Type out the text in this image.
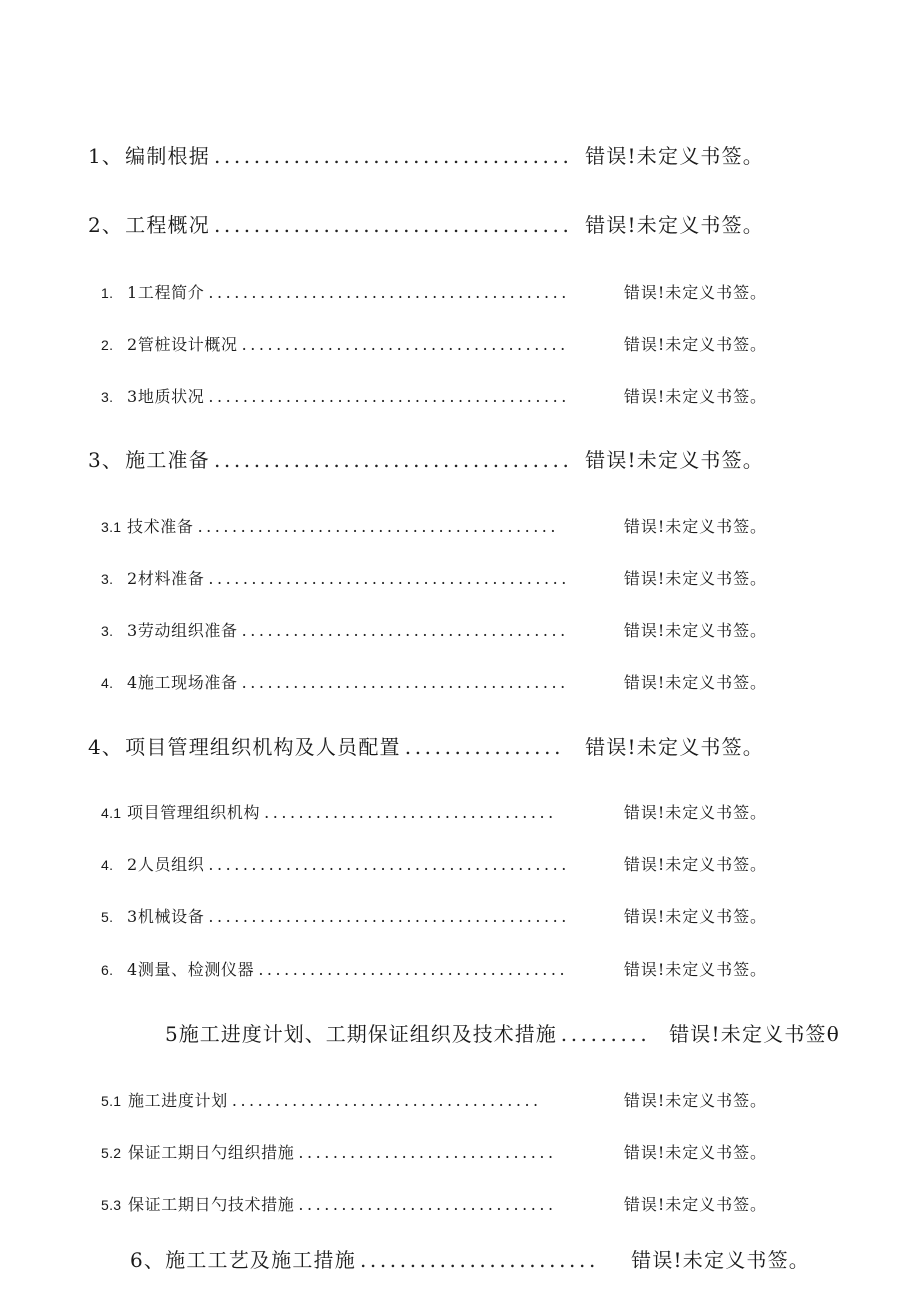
1、 编制根据 .................................... 错误!未定义书签。
2、 工程概况 .................................... 错误!未定义书签。
1. 1工程简介 ..........................................	错误!未定义书签。
2. 2管桩设计概况 ......................................	错误!未定义书签。
3. 3地质状况 ..........................................	错误!未定义书签。
3、 施工准备 .................................... 错误!未定义书签。
3.1 技术准备 ..........................................	错误!未定义书签。
3. 2材料准备 ..........................................	错误!未定义书签。
3. 3劳动组织准备 ......................................	错误!未定义书签。
4. 4施工现场准备 ......................................	错误!未定义书签。
4、 项目管理组织机构及人员配置 ................	错误!未定义书签。
4.1 项目管理组织机构 ..................................	错误!未定义书签。
4. 2人员组织 ..........................................	错误!未定义书签。
5. 3机械设备 ..........................................	错误!未定义书签。
6. 4测量、检测仪器 ....................................	错误!未定义书签。
5 施工进度计划、工期保证组织及技术措施 ......... 错误!未定义书签θ
5.1 施工进度计划 ....................................	错误!未定义书签。
5.2 保证工期日勺组织措施 ..............................	错误!未定义书签。
5.3 保证工期日勺技术措施 ..............................	错误!未定义书签。
6、 施工工艺及施工措施 ........................	错误!未定义书签。
